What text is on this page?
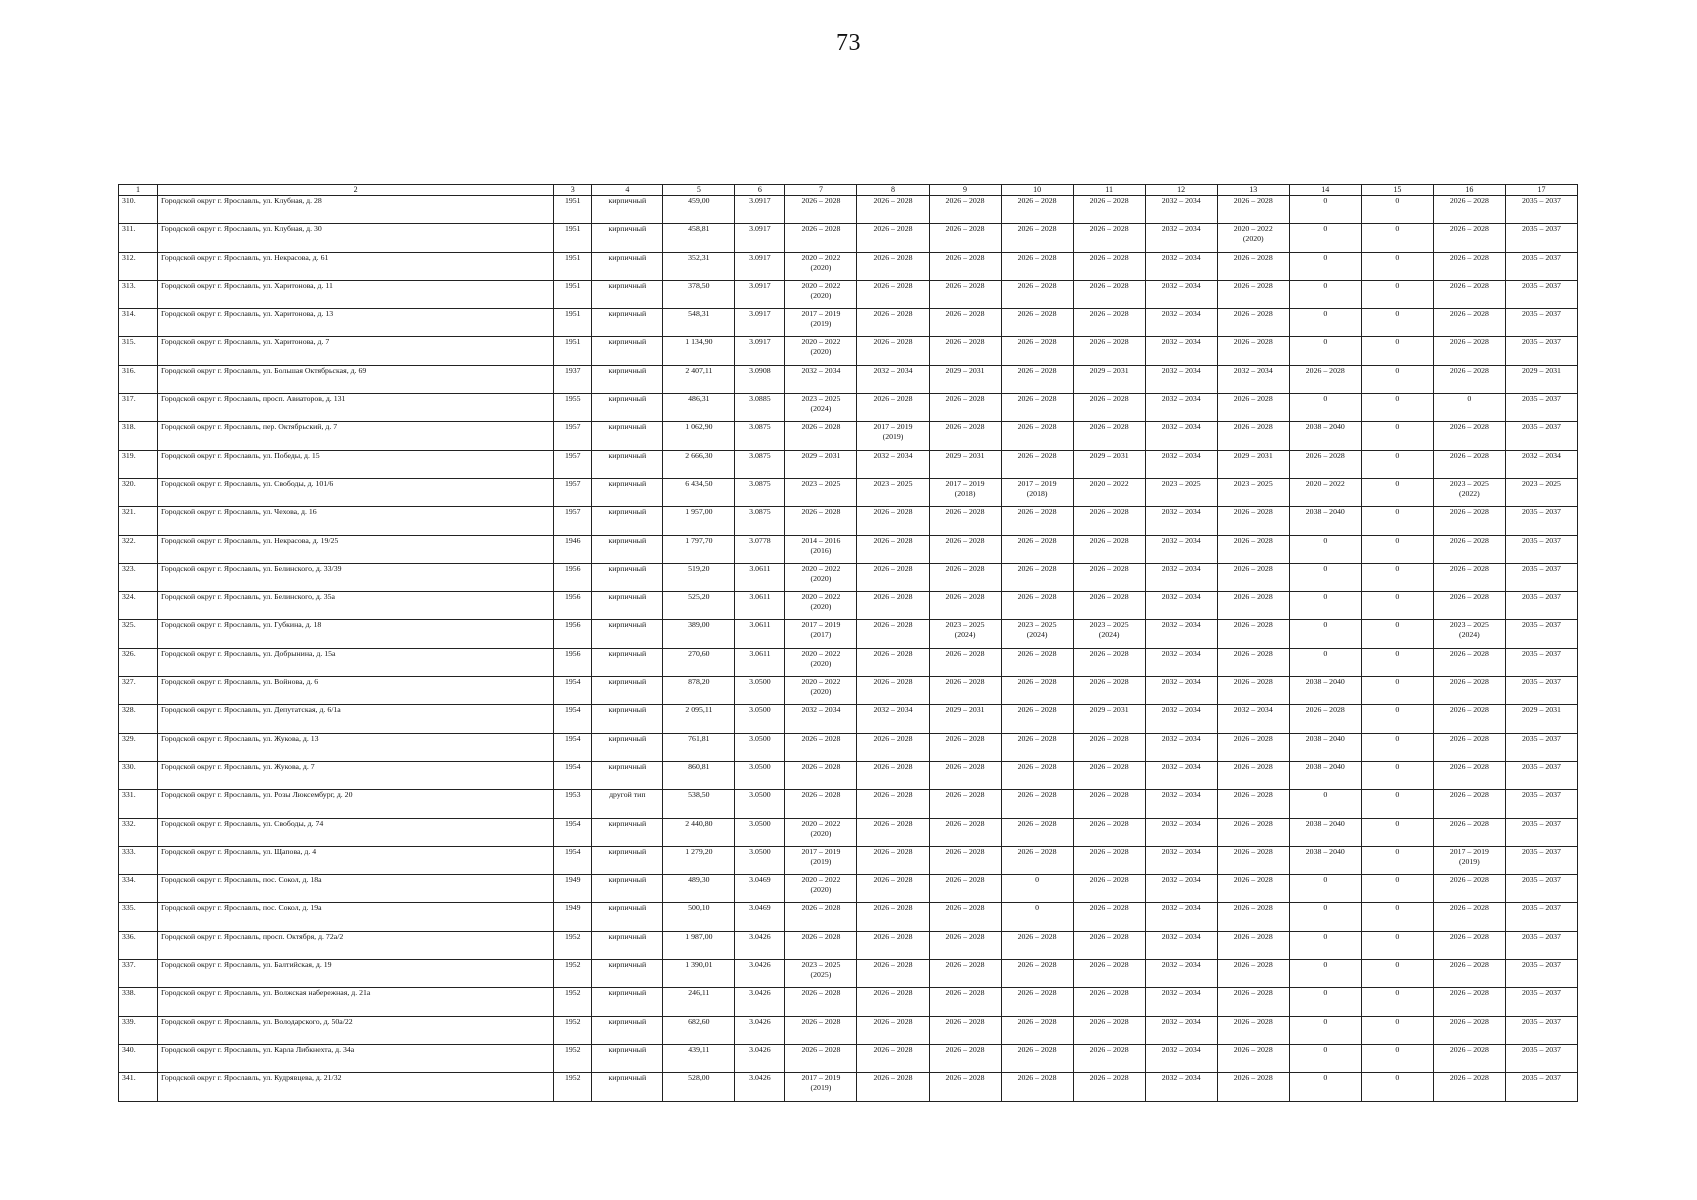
73
1	2	3	4	5	6	7	8	9	10	11	12	13	14	15	16	17

310.	Городской округ г. Ярославль, ул. Клубная, д. 28	1951	кирпичный	459,00	3.0917	2026 – 2028	2026 – 2028	2026 – 2028	2026 – 2028	2026 – 2028	2032 – 2034	2026 – 2028	0	0	2026 – 2028	2035 – 2037

311.	Городской округ г. Ярославль, ул. Клубная, д. 30	1951	кирпичный	458,81	3.0917	2026 – 2028	2026 – 2028	2026 – 2028	2026 – 2028	2026 – 2028	2032 – 2034	2020 – 2022
(2020)	0	0	2026 – 2028	2035 – 2037

312.	Городской округ г. Ярославль, ул. Некрасова, д. 61	1951	кирпичный	352,31	3.0917	2020 – 2022
(2020)	2026 – 2028	2026 – 2028	2026 – 2028	2026 – 2028	2032 – 2034	2026 – 2028	0	0	2026 – 2028	2035 – 2037

313.	Городской округ г. Ярославль, ул. Харитонова, д. 11	1951	кирпичный	378,50	3.0917	2020 – 2022
(2020)	2026 – 2028	2026 – 2028	2026 – 2028	2026 – 2028	2032 – 2034	2026 – 2028	0	0	2026 – 2028	2035 – 2037

314.	Городской округ г. Ярославль, ул. Харитонова, д. 13	1951	кирпичный	548,31	3.0917	2017 – 2019
(2019)	2026 – 2028	2026 – 2028	2026 – 2028	2026 – 2028	2032 – 2034	2026 – 2028	0	0	2026 – 2028	2035 – 2037

315.	Городской округ г. Ярославль, ул. Харитонова, д. 7	1951	кирпичный	1 134,90	3.0917	2020 – 2022
(2020)	2026 – 2028	2026 – 2028	2026 – 2028	2026 – 2028	2032 – 2034	2026 – 2028	0	0	2026 – 2028	2035 – 2037

316.	Городской округ г. Ярославль, ул. Большая Октябрьская, д. 69	1937	кирпичный	2 407,11	3.0908	2032 – 2034	2032 – 2034	2029 – 2031	2026 – 2028	2029 – 2031	2032 – 2034	2032 – 2034	2026 – 2028	0	2026 – 2028	2029 – 2031

317.	Городской округ г. Ярославль, просп. Авиаторов, д. 131	1955	кирпичный	486,31	3.0885	2023 – 2025
(2024)	2026 – 2028	2026 – 2028	2026 – 2028	2026 – 2028	2032 – 2034	2026 – 2028	0	0	0	2035 – 2037

318.	Городской округ г. Ярославль, пер. Октябрьский, д. 7	1957	кирпичный	1 062,90	3.0875	2026 – 2028	2017 – 2019
(2019)	2026 – 2028	2026 – 2028	2026 – 2028	2032 – 2034	2026 – 2028	2038 – 2040	0	2026 – 2028	2035 – 2037

319.	Городской округ г. Ярославль, ул. Победы, д. 15	1957	кирпичный	2 666,30	3.0875	2029 – 2031	2032 – 2034	2029 – 2031	2026 – 2028	2029 – 2031	2032 – 2034	2029 – 2031	2026 – 2028	0	2026 – 2028	2032 – 2034

320.	Городской округ г. Ярославль, ул. Свободы, д. 101/6	1957	кирпичный	6 434,50	3.0875	2023 – 2025	2023 – 2025	2017 – 2019
(2018)	2017 – 2019
(2018)	2020 – 2022	2023 – 2025	2023 – 2025	2020 – 2022	0	2023 – 2025
(2022)	2023 – 2025

321.	Городской округ г. Ярославль, ул. Чехова, д. 16	1957	кирпичный	1 957,00	3.0875	2026 – 2028	2026 – 2028	2026 – 2028	2026 – 2028	2026 – 2028	2032 – 2034	2026 – 2028	2038 – 2040	0	2026 – 2028	2035 – 2037

322.	Городской округ г. Ярославль, ул. Некрасова, д. 19/25	1946	кирпичный	1 797,70	3.0778	2014 – 2016
(2016)	2026 – 2028	2026 – 2028	2026 – 2028	2026 – 2028	2032 – 2034	2026 – 2028	0	0	2026 – 2028	2035 – 2037

323.	Городской округ г. Ярославль, ул. Белинского, д. 33/39	1956	кирпичный	519,20	3.0611	2020 – 2022
(2020)	2026 – 2028	2026 – 2028	2026 – 2028	2026 – 2028	2032 – 2034	2026 – 2028	0	0	2026 – 2028	2035 – 2037

324.	Городской округ г. Ярославль, ул. Белинского, д. 35а	1956	кирпичный	525,20	3.0611	2020 – 2022
(2020)	2026 – 2028	2026 – 2028	2026 – 2028	2026 – 2028	2032 – 2034	2026 – 2028	0	0	2026 – 2028	2035 – 2037

325.	Городской округ г. Ярославль, ул. Губкина, д. 18	1956	кирпичный	389,00	3.0611	2017 – 2019
(2017)	2026 – 2028	2023 – 2025
(2024)	2023 – 2025
(2024)	2023 – 2025
(2024)	2032 – 2034	2026 – 2028	0	0	2023 – 2025
(2024)	2035 – 2037

326.	Городской округ г. Ярославль, ул. Добрынина, д. 15а	1956	кирпичный	270,60	3.0611	2020 – 2022
(2020)	2026 – 2028	2026 – 2028	2026 – 2028	2026 – 2028	2032 – 2034	2026 – 2028	0	0	2026 – 2028	2035 – 2037

327.	Городской округ г. Ярославль, ул. Войнова, д. 6	1954	кирпичный	878,20	3.0500	2020 – 2022
(2020)	2026 – 2028	2026 – 2028	2026 – 2028	2026 – 2028	2032 – 2034	2026 – 2028	2038 – 2040	0	2026 – 2028	2035 – 2037

328.	Городской округ г. Ярославль, ул. Депутатская, д. 6/1а	1954	кирпичный	2 095,11	3.0500	2032 – 2034	2032 – 2034	2029 – 2031	2026 – 2028	2029 – 2031	2032 – 2034	2032 – 2034	2026 – 2028	0	2026 – 2028	2029 – 2031

329.	Городской округ г. Ярославль, ул. Жукова, д. 13	1954	кирпичный	761,81	3.0500	2026 – 2028	2026 – 2028	2026 – 2028	2026 – 2028	2026 – 2028	2032 – 2034	2026 – 2028	2038 – 2040	0	2026 – 2028	2035 – 2037

330.	Городской округ г. Ярославль, ул. Жукова, д. 7	1954	кирпичный	860,81	3.0500	2026 – 2028	2026 – 2028	2026 – 2028	2026 – 2028	2026 – 2028	2032 – 2034	2026 – 2028	2038 – 2040	0	2026 – 2028	2035 – 2037

331.	Городской округ г. Ярославль, ул. Розы Люксембург, д. 20	1953	другой тип	538,50	3.0500	2026 – 2028	2026 – 2028	2026 – 2028	2026 – 2028	2026 – 2028	2032 – 2034	2026 – 2028	0	0	2026 – 2028	2035 – 2037

332.	Городской округ г. Ярославль, ул. Свободы, д. 74	1954	кирпичный	2 440,80	3.0500	2020 – 2022
(2020)	2026 – 2028	2026 – 2028	2026 – 2028	2026 – 2028	2032 – 2034	2026 – 2028	2038 – 2040	0	2026 – 2028	2035 – 2037

333.	Городской округ г. Ярославль, ул. Щапова, д. 4	1954	кирпичный	1 279,20	3.0500	2017 – 2019
(2019)	2026 – 2028	2026 – 2028	2026 – 2028	2026 – 2028	2032 – 2034	2026 – 2028	2038 – 2040	0	2017 – 2019
(2019)	2035 – 2037

334.	Городской округ г. Ярославль, пос. Сокол, д. 18а	1949	кирпичный	489,30	3.0469	2020 – 2022
(2020)	2026 – 2028	2026 – 2028	0	2026 – 2028	2032 – 2034	2026 – 2028	0	0	2026 – 2028	2035 – 2037

335.	Городской округ г. Ярославль, пос. Сокол, д. 19а	1949	кирпичный	500,10	3.0469	2026 – 2028	2026 – 2028	2026 – 2028	0	2026 – 2028	2032 – 2034	2026 – 2028	0	0	2026 – 2028	2035 – 2037

336.	Городской округ г. Ярославль, просп. Октября, д. 72а/2	1952	кирпичный	1 987,00	3.0426	2026 – 2028	2026 – 2028	2026 – 2028	2026 – 2028	2026 – 2028	2032 – 2034	2026 – 2028	0	0	2026 – 2028	2035 – 2037

337.	Городской округ г. Ярославль, ул. Балтийская, д. 19	1952	кирпичный	1 390,01	3.0426	2023 – 2025
(2025)	2026 – 2028	2026 – 2028	2026 – 2028	2026 – 2028	2032 – 2034	2026 – 2028	0	0	2026 – 2028	2035 – 2037

338.	Городской округ г. Ярославль, ул. Волжская набережная, д. 21а	1952	кирпичный	246,11	3.0426	2026 – 2028	2026 – 2028	2026 – 2028	2026 – 2028	2026 – 2028	2032 – 2034	2026 – 2028	0	0	2026 – 2028	2035 – 2037

339.	Городской округ г. Ярославль, ул. Володарского, д. 50а/22	1952	кирпичный	682,60	3.0426	2026 – 2028	2026 – 2028	2026 – 2028	2026 – 2028	2026 – 2028	2032 – 2034	2026 – 2028	0	0	2026 – 2028	2035 – 2037

340.	Городской округ г. Ярославль, ул. Карла Либкнехта, д. 34а	1952	кирпичный	439,11	3.0426	2026 – 2028	2026 – 2028	2026 – 2028	2026 – 2028	2026 – 2028	2032 – 2034	2026 – 2028	0	0	2026 – 2028	2035 – 2037

341.	Городской округ г. Ярославль, ул. Кудрявцева, д. 21/32	1952	кирпичный	528,00	3.0426	2017 – 2019
(2019)	2026 – 2028	2026 – 2028	2026 – 2028	2026 – 2028	2032 – 2034	2026 – 2028	0	0	2026 – 2028	2035 – 2037
